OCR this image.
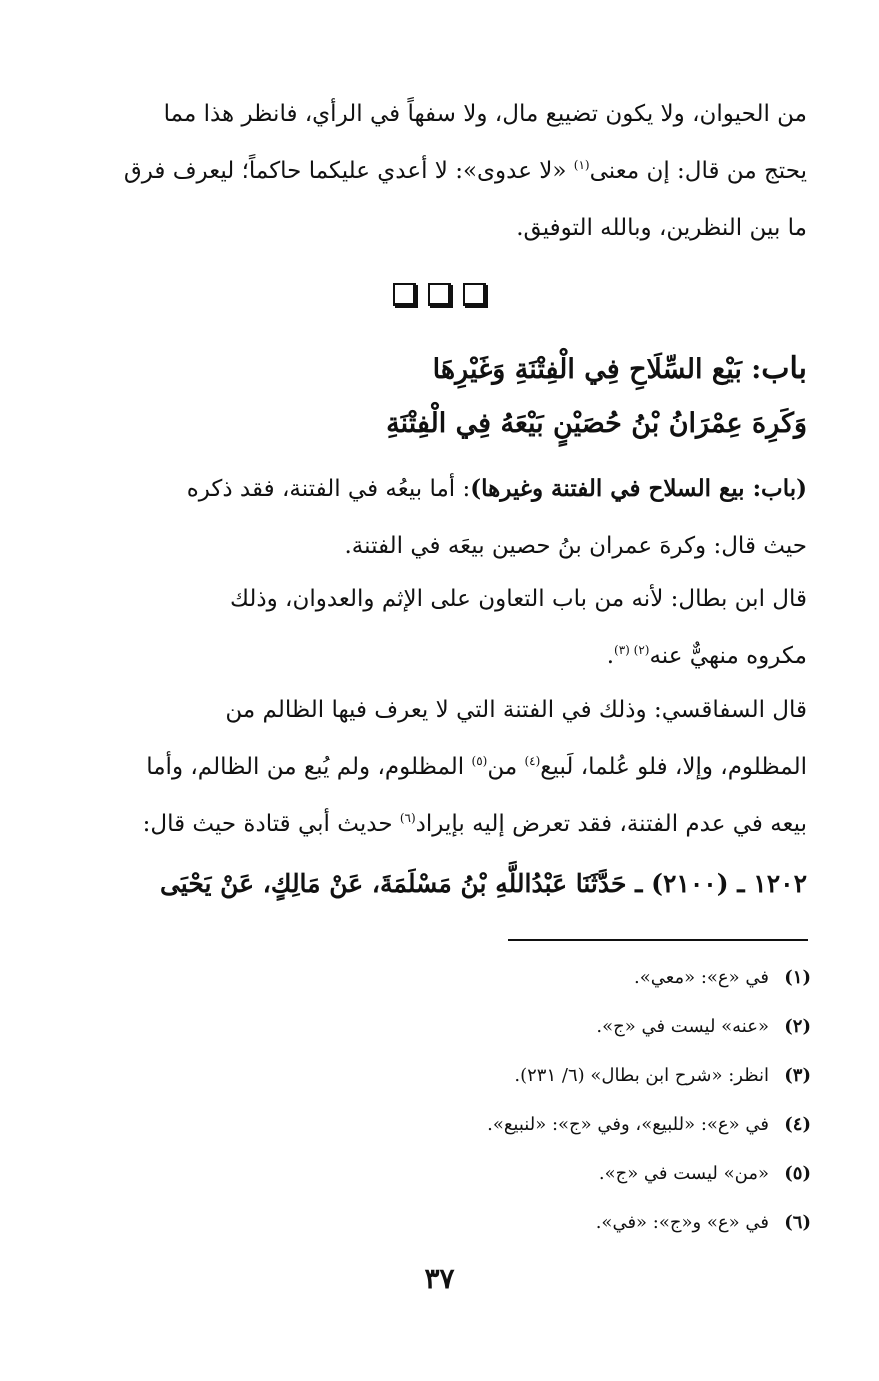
من الحيوان، ولا يكون تضييع مال، ولا سفهاً في الرأي، فانظر هذا مما
يحتج من قال: إن معنى$^{(١)}$ «لا عدوى»: لا أعدي عليكما حاكماً؛ ليعرف فرق
ما بين النظرين، وبالله التوفيق.
باب: بَيْع السِّلَاحِ فِي الْفِتْنَةِ وَغَيْرِهَا
وَكَرِهَ عِمْرَانُ بْنُ حُصَيْنٍ بَيْعَهُ فِي الْفِتْنَةِ
(باب: بيع السلاح في الفتنة وغيرها): أما بيعُه في الفتنة، فقد ذكره
حيث قال: وكرهَ عمران بنُ حصين بيعَه في الفتنة.
قال ابن بطال: لأنه من باب التعاون على الإثم والعدوان، وذلك
مكروه منهيٌّ عنه$^{(٢) (٣)}$.
قال السفاقسي: وذلك في الفتنة التي لا يعرف فيها الظالم من
المظلوم، وإلا، فلو عُلما، لَبيع$^{(٤)}$ من$^{(٥)}$ المظلوم، ولم يُبع من الظالم، وأما
بيعه في عدم الفتنة، فقد تعرض إليه بإيراد$^{(٦)}$ حديث أبي قتادة حيث قال:
١٢٠٢ ـ (٢١٠٠) ـ حَدَّثَنَا عَبْدُاللَّهِ بْنُ مَسْلَمَةَ، عَنْ مَالِكٍ، عَنْ يَحْيَى
(١)
في «ع»: «معي».
(٢)
«عنه» ليست في «ج».
(٣)
انظر: «شرح ابن بطال» (٦/ ٢٣١).
(٤)
في «ع»: «للبيع»، وفي «ج»: «لنبيع».
(٥)
«من» ليست في «ج».
(٦)
في «ع» و«ج»: «في».
٣٧
